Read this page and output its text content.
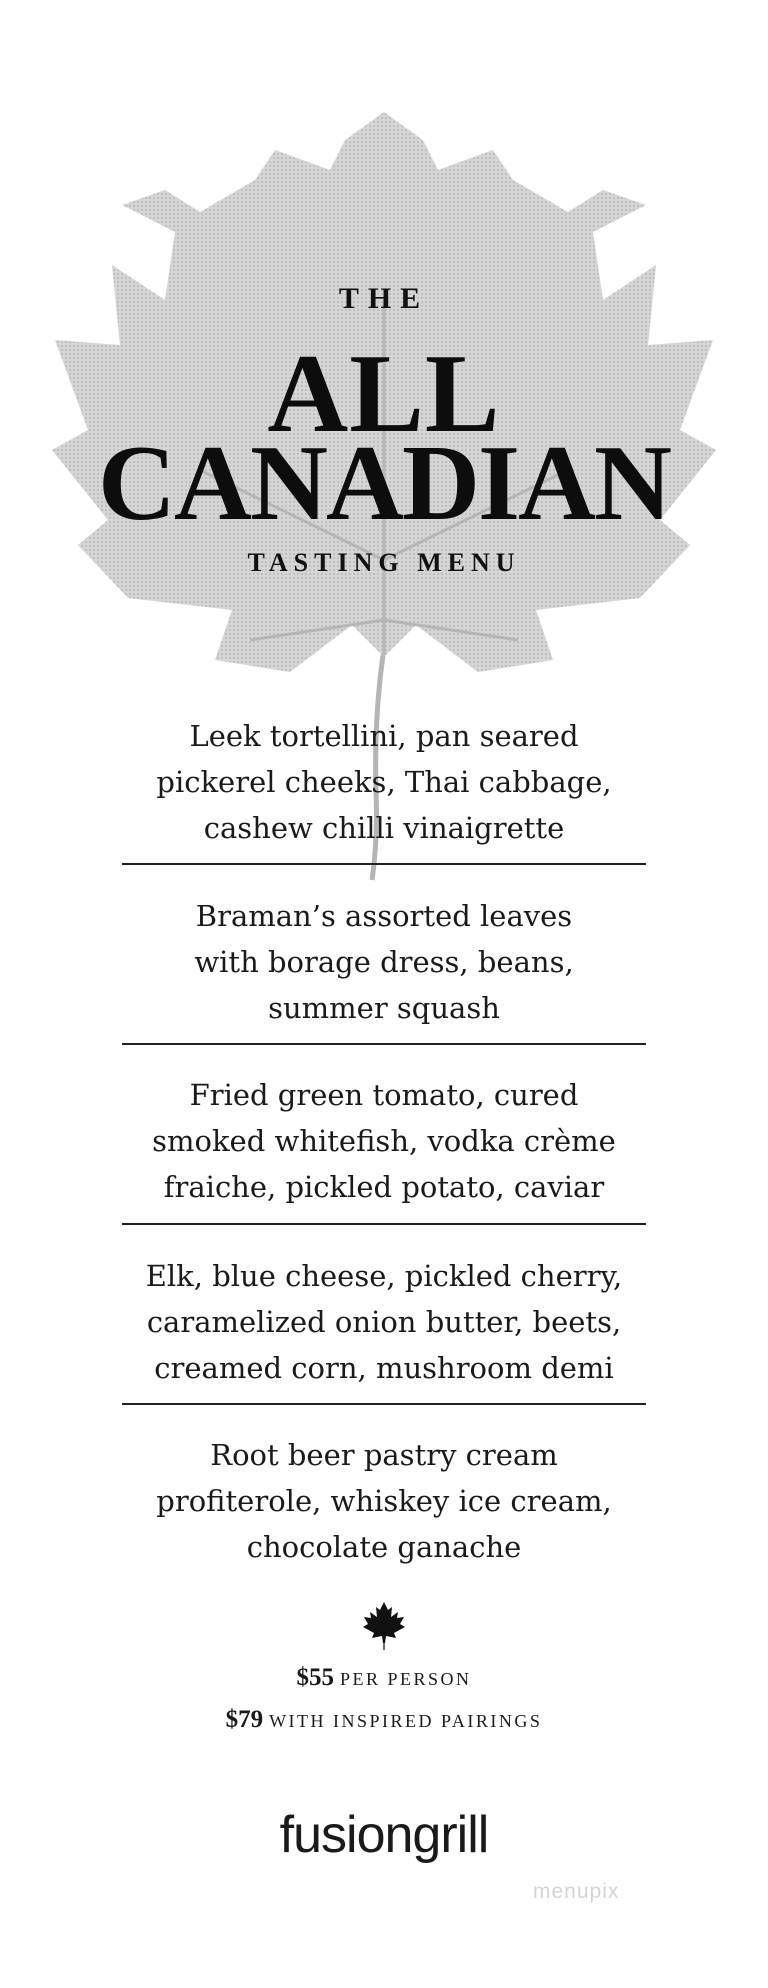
THE
ALL
CANADIAN
TASTING MENU
Leek tortellini, pan seared
pickerel cheeks, Thai cabbage,
cashew chilli vinaigrette
Braman’s assorted leaves
with borage dress, beans,
summer squash
Fried green tomato, cured
smoked whitefish, vodka crème
fraiche, pickled potato, caviar
Elk, blue cheese, pickled cherry,
caramelized onion butter, beets,
creamed corn, mushroom demi
Root beer pastry cream
profiterole, whiskey ice cream,
chocolate ganache
$55 PER PERSON
$79 WITH INSPIRED PAIRINGS
fusiongrill
menupix
